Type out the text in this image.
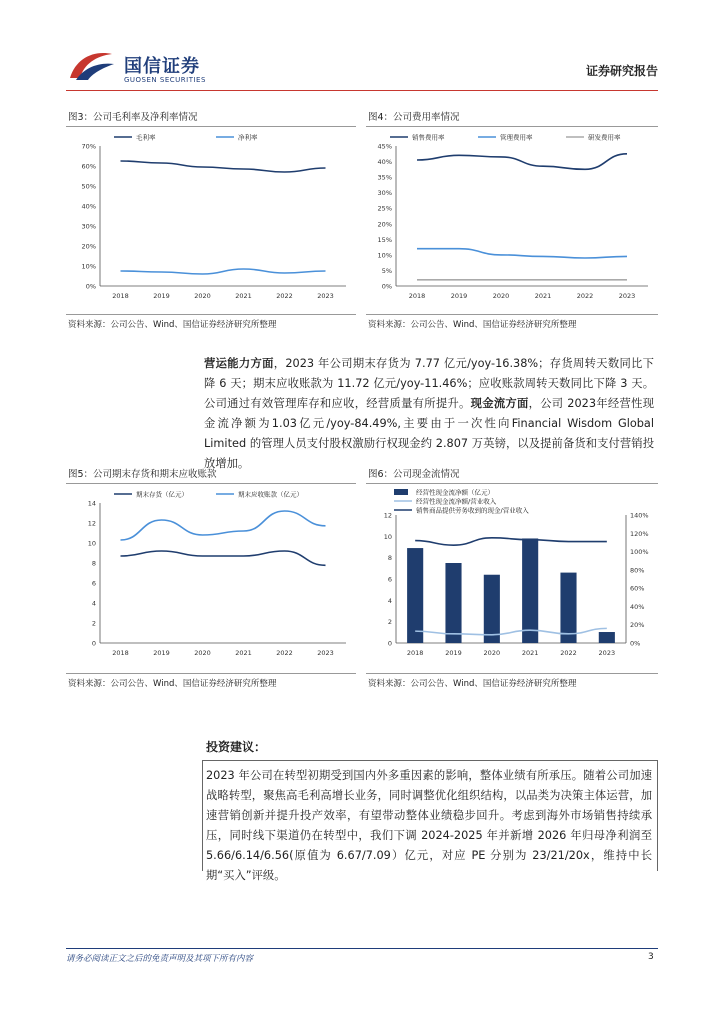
国信证券
GUOSEN SECURITIES
证券研究报告
图3：公司毛利率及净利率情况
0%
10%
20%
30%
40%
50%
60%
70%
2018	2019	2020	2021	2022	2023
毛利率	净利率
资料来源：公司公告、Wind、国信证券经济研究所整理
图4：公司费用率情况
0%
5%
10%
15%
20%
25%
30%
35%
40%
45%
2018	2019	2020	2021	2022	2023
销售费用率	管理费用率	研发费用率
资料来源：公司公告、Wind、国信证券经济研究所整理
营运能力方面，2023 年公司期末存货为 7.77 亿元/yoy-16.38%；存货周转天数同比下降 6 天；期末应收账款为 11.72 亿元/yoy-11.46%；应收账款周转天数同比下降 3 天。公司通过有效管理库存和应收，经营质量有所提升。现金流方面，公司 2023年经营性现金流净额为1.03亿元/yoy-84.49%,主要由于一次性向Financial Wisdom Global Limited 的管理人员支付股权激励行权现金约 2.807 万英镑，以及提前备货和支付营销投放增加。
图5：公司期末存货和期末应收账款
0
2
4
6
8
10
12
14
2018	2019	2020	2021	2022	2023
期末存货（亿元）	期末应收账款（亿元）
资料来源：公司公告、Wind、国信证券经济研究所整理
图6：公司现金流情况
0
2
4
6
8
10
12
0%
20%
40%
60%
80%
100%
120%
140%
2018	2019	2020	2021	2022	2023
经营性现金流净额（亿元）
经营性现金流净额/营业收入
销售商品提供劳务收到的现金/营业收入
资料来源：公司公告、Wind、国信证券经济研究所整理
投资建议：
2023 年公司在转型初期受到国内外多重因素的影响，整体业绩有所承压。随着公司加速战略转型，聚焦高毛利高增长业务，同时调整优化组织结构，以品类为决策主体运营，加速营销创新并提升投产效率，有望带动整体业绩稳步回升。考虑到海外市场销售持续承压，同时线下渠道仍在转型中，我们下调 2024-2025 年并新增 2026 年归母净利润至 5.66/6.14/6.56(原值为 6.67/7.09）亿元，对应 PE 分别为 23/21/20x，维持中长期“买入”评级。
请务必阅读正文之后的免责声明及其项下所有内容	3
